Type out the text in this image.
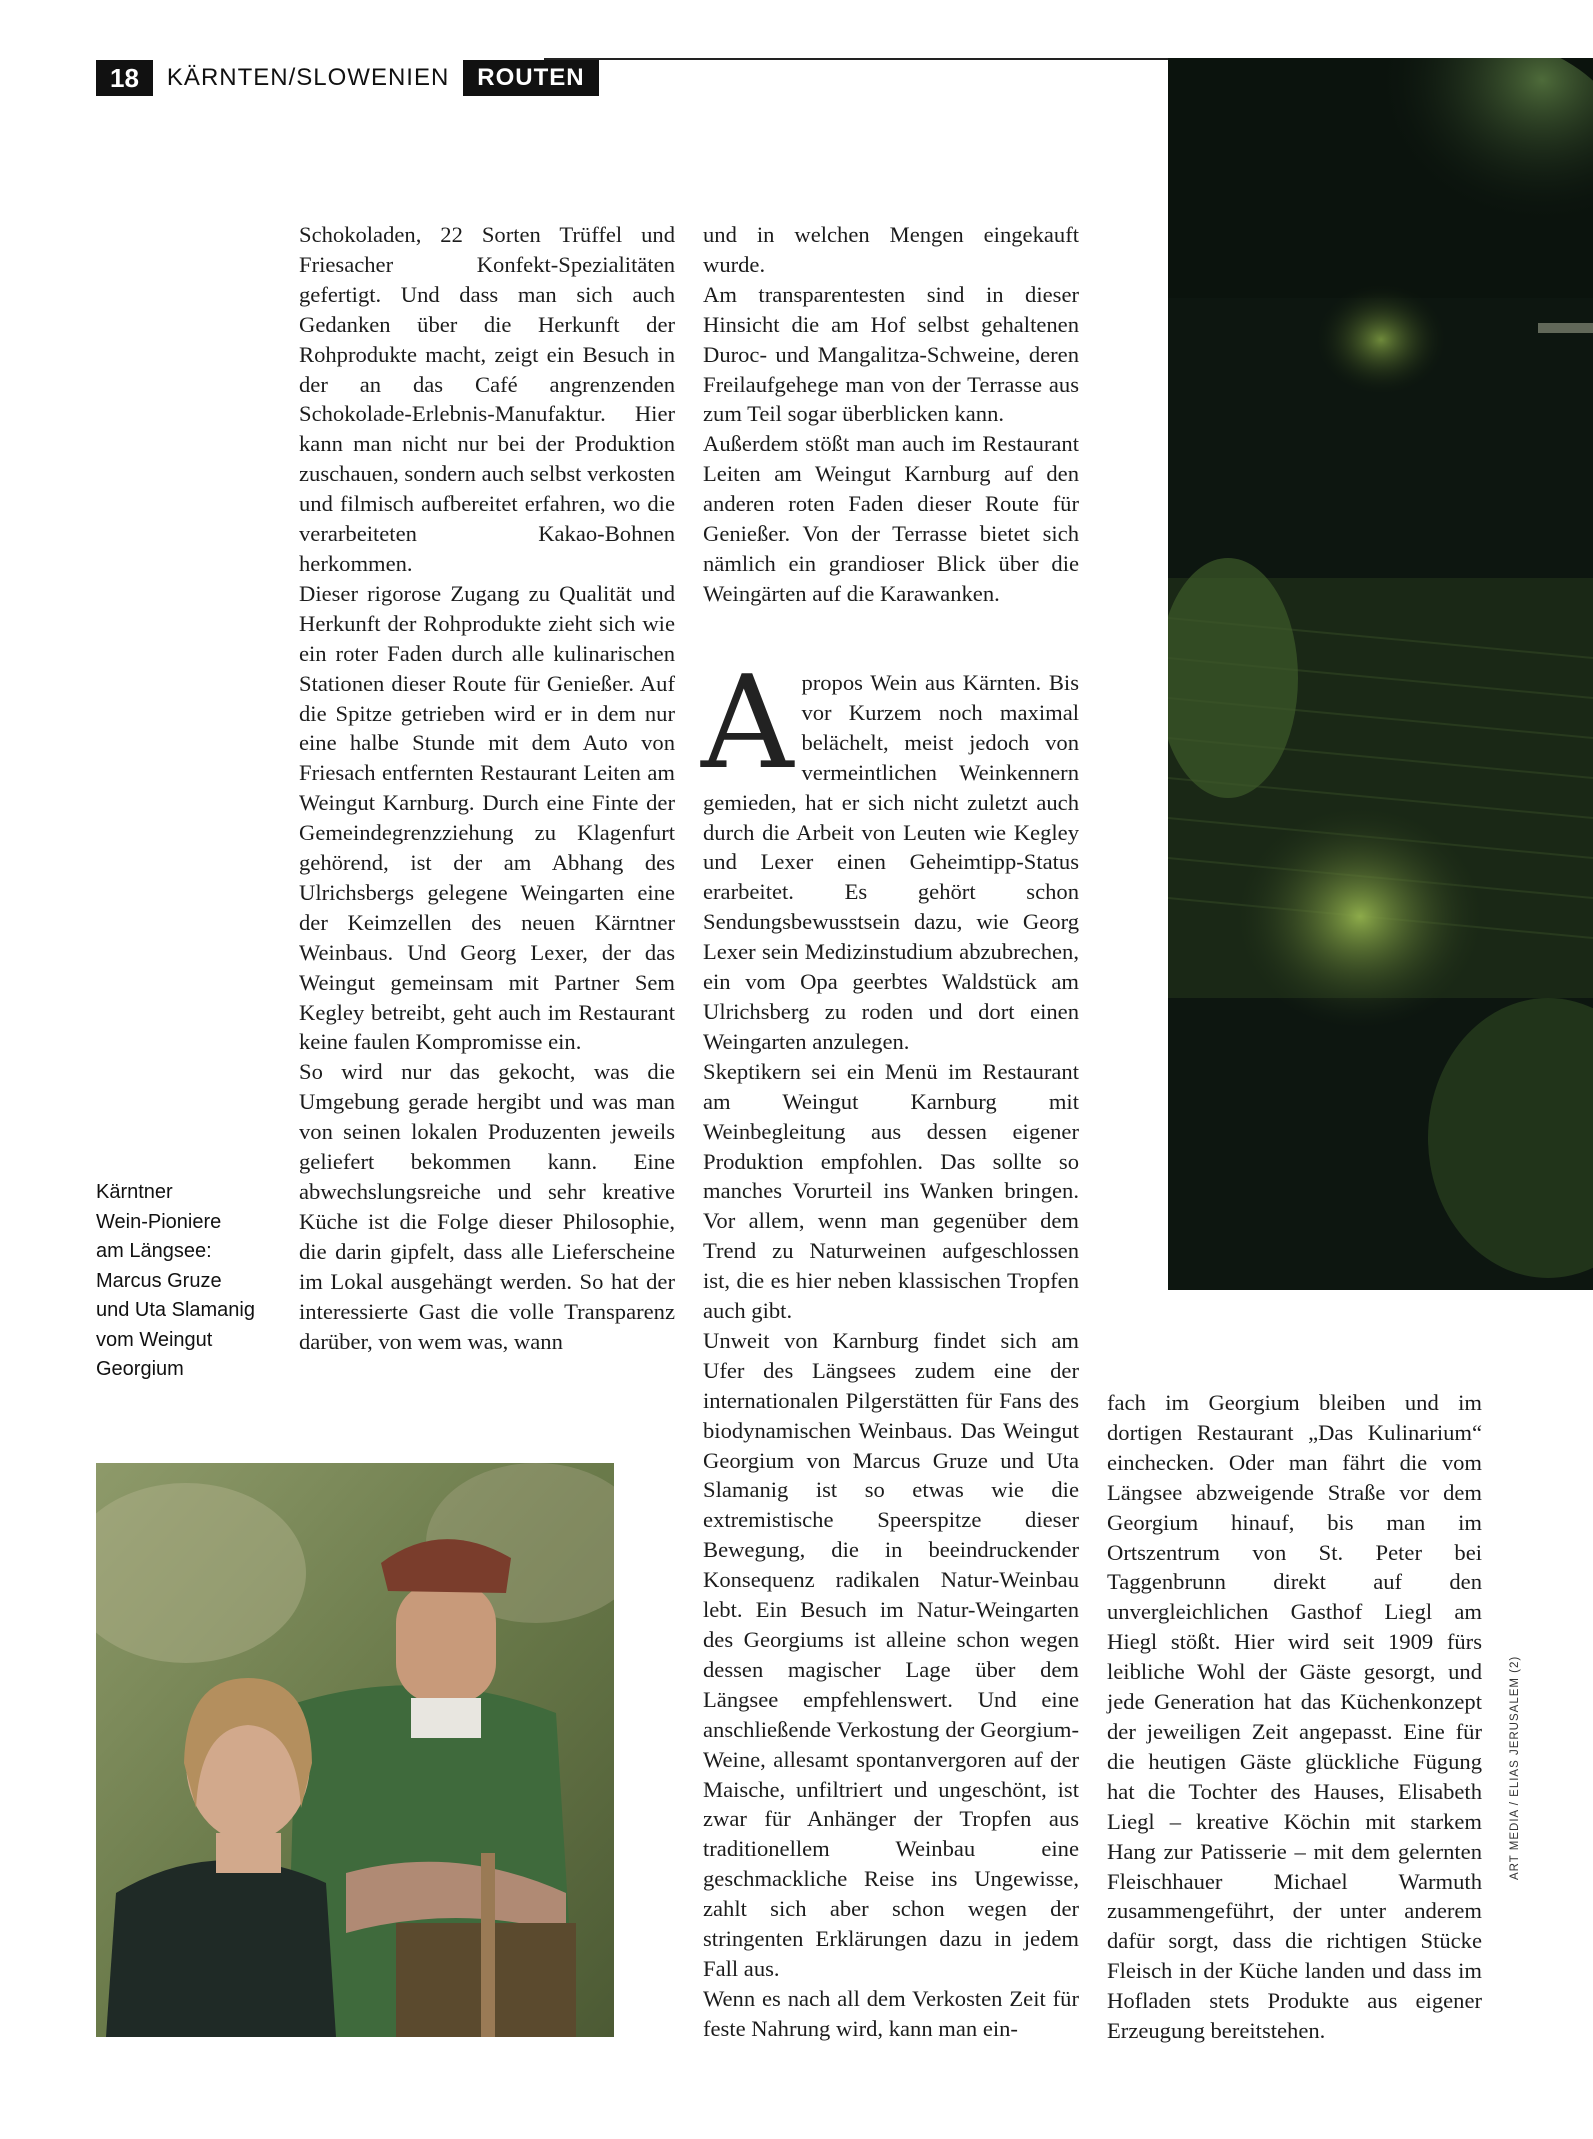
18	KÄRNTEN/SLOWENIEN	ROUTEN

Schokoladen, 22 Sorten Trüffel und Friesacher Konfekt-Spezialitäten gefertigt. Und dass man sich auch Gedanken über die Herkunft der Rohprodukte macht, zeigt ein Besuch in der an das Café angrenzenden Schokolade-Erlebnis-Manufaktur. Hier kann man nicht nur bei der Produktion zuschauen, sondern auch selbst verkosten und filmisch aufbereitet erfahren, wo die verarbeiteten Kakao-Bohnen herkommen.

Dieser rigorose Zugang zu Qualität und Herkunft der Rohprodukte zieht sich wie ein roter Faden durch alle kulinarischen Stationen dieser Route für Genießer. Auf die Spitze getrieben wird er in dem nur eine halbe Stunde mit dem Auto von Friesach entfernten Restaurant Leiten am Weingut Karnburg. Durch eine Finte der Gemeindegrenzziehung zu Klagenfurt gehörend, ist der am Abhang des Ulrichsbergs gelegene Weingarten eine der Keimzellen des neuen Kärntner Weinbaus. Und Georg Lexer, der das Weingut gemeinsam mit Partner Sem Kegley betreibt, geht auch im Restaurant keine faulen Kompromisse ein.

So wird nur das gekocht, was die Umgebung gerade hergibt und was man von seinen lokalen Produzenten jeweils geliefert bekommen kann. Eine abwechslungsreiche und sehr kreative Küche ist die Folge dieser Philosophie, die darin gipfelt, dass alle Lieferscheine im Lokal ausgehängt werden. So hat der interessierte Gast die volle Transparenz darüber, von wem was, wann

und in welchen Mengen eingekauft wurde.

Am transparentesten sind in dieser Hinsicht die am Hof selbst gehaltenen Duroc- und Mangalitza-Schweine, deren Freilaufgehege man von der Terrasse aus zum Teil sogar überblicken kann.

Außerdem stößt man auch im Restaurant Leiten am Weingut Karnburg auf den anderen roten Faden dieser Route für Genießer. Von der Terrasse bietet sich nämlich ein grandioser Blick über die Weingärten auf die Karawanken.

Apropos Wein aus Kärnten. Bis vor Kurzem noch maximal belächelt, meist jedoch von vermeintlichen Weinkennern gemieden, hat er sich nicht zuletzt auch durch die Arbeit von Leuten wie Kegley und Lexer einen Geheimtipp-Status erarbeitet. Es gehört schon Sendungsbewusstsein dazu, wie Georg Lexer sein Medizinstudium abzubrechen, ein vom Opa geerbtes Waldstück am Ulrichsberg zu roden und dort einen Weingarten anzulegen.

Skeptikern sei ein Menü im Restaurant am Weingut Karnburg mit Weinbegleitung aus dessen eigener Produktion empfohlen. Das sollte so manches Vorurteil ins Wanken bringen. Vor allem, wenn man gegenüber dem Trend zu Naturweinen aufgeschlossen ist, die es hier neben klassischen Tropfen auch gibt.

Unweit von Karnburg findet sich am Ufer des Längsees zudem eine der internationalen Pilgerstätten für Fans des biodynamischen Weinbaus. Das Weingut Georgium von Marcus Gruze und Uta Slamanig ist so etwas wie die extremistische Speerspitze dieser Bewegung, die in beeindruckender Konsequenz radikalen Natur-Weinbau lebt. Ein Besuch im Natur-Weingarten des Georgiums ist alleine schon wegen dessen magischer Lage über dem Längsee empfehlenswert. Und eine anschließende Verkostung der Georgium-Weine, allesamt spontanvergoren auf der Maische, unfiltriert und ungeschönt, ist zwar für Anhänger der Tropfen aus traditionellem Weinbau eine geschmackliche Reise ins Ungewisse, zahlt sich aber schon wegen der stringenten Erklärungen dazu in jedem Fall aus.

Wenn es nach all dem Verkosten Zeit für feste Nahrung wird, kann man ein-

fach im Georgium bleiben und im dortigen Restaurant „Das Kulinarium“ einchecken. Oder man fährt die vom Längsee abzweigende Straße vor dem Georgium hinauf, bis man im Ortszentrum von St. Peter bei Taggenbrunn direkt auf den unvergleichlichen Gasthof Liegl am Hiegl stößt. Hier wird seit 1909 fürs leibliche Wohl der Gäste gesorgt, und jede Generation hat das Küchenkonzept der jeweiligen Zeit angepasst. Eine für die heutigen Gäste glückliche Fügung hat die Tochter des Hauses, Elisabeth Liegl – kreative Köchin mit starkem Hang zur Patisserie – mit dem gelernten Fleischhauer Michael Warmuth zusammengeführt, der unter anderem dafür sorgt, dass die richtigen Stücke Fleisch in der Küche landen und dass im Hofladen stets Produkte aus eigener Erzeugung bereitstehen.

Kärntner
Wein-Pioniere
am Längsee:
Marcus Gruze
und Uta Slamanig
vom Weingut
Georgium
ART MEDIA / ELIAS JERUSALEM (2)
